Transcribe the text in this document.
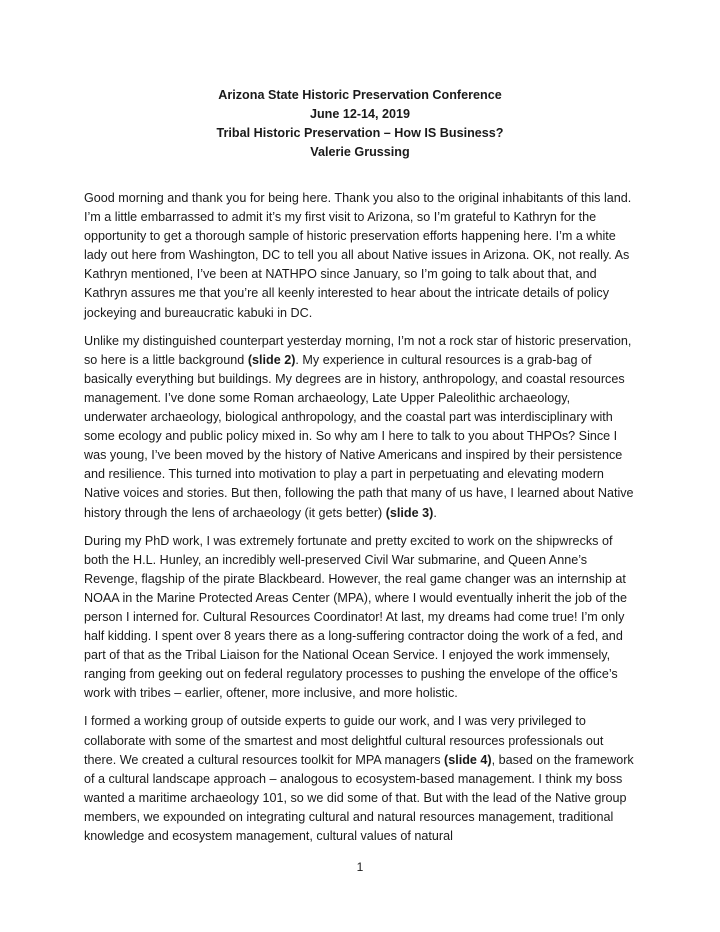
Arizona State Historic Preservation Conference
June 12-14, 2019
Tribal Historic Preservation – How IS Business?
Valerie Grussing

Good morning and thank you for being here. Thank you also to the original inhabitants of this land. I’m a little embarrassed to admit it’s my first visit to Arizona, so I’m grateful to Kathryn for the opportunity to get a thorough sample of historic preservation efforts happening here. I’m a white lady out here from Washington, DC to tell you all about Native issues in Arizona. OK, not really. As Kathryn mentioned, I’ve been at NATHPO since January, so I’m going to talk about that, and Kathryn assures me that you’re all keenly interested to hear about the intricate details of policy jockeying and bureaucratic kabuki in DC.

Unlike my distinguished counterpart yesterday morning, I’m not a rock star of historic preservation, so here is a little background (slide 2). My experience in cultural resources is a grab-bag of basically everything but buildings. My degrees are in history, anthropology, and coastal resources management. I’ve done some Roman archaeology, Late Upper Paleolithic archaeology, underwater archaeology, biological anthropology, and the coastal part was interdisciplinary with some ecology and public policy mixed in. So why am I here to talk to you about THPOs? Since I was young, I’ve been moved by the history of Native Americans and inspired by their persistence and resilience. This turned into motivation to play a part in perpetuating and elevating modern Native voices and stories. But then, following the path that many of us have, I learned about Native history through the lens of archaeology (it gets better) (slide 3).

During my PhD work, I was extremely fortunate and pretty excited to work on the shipwrecks of both the H.L. Hunley, an incredibly well-preserved Civil War submarine, and Queen Anne’s Revenge, flagship of the pirate Blackbeard. However, the real game changer was an internship at NOAA in the Marine Protected Areas Center (MPA), where I would eventually inherit the job of the person I interned for. Cultural Resources Coordinator! At last, my dreams had come true! I’m only half kidding. I spent over 8 years there as a long-suffering contractor doing the work of a fed, and part of that as the Tribal Liaison for the National Ocean Service. I enjoyed the work immensely, ranging from geeking out on federal regulatory processes to pushing the envelope of the office’s work with tribes – earlier, oftener, more inclusive, and more holistic.

I formed a working group of outside experts to guide our work, and I was very privileged to collaborate with some of the smartest and most delightful cultural resources professionals out there. We created a cultural resources toolkit for MPA managers (slide 4), based on the framework of a cultural landscape approach – analogous to ecosystem-based management. I think my boss wanted a maritime archaeology 101, so we did some of that. But with the lead of the Native group members, we expounded on integrating cultural and natural resources management, traditional knowledge and ecosystem management, cultural values of natural

1
